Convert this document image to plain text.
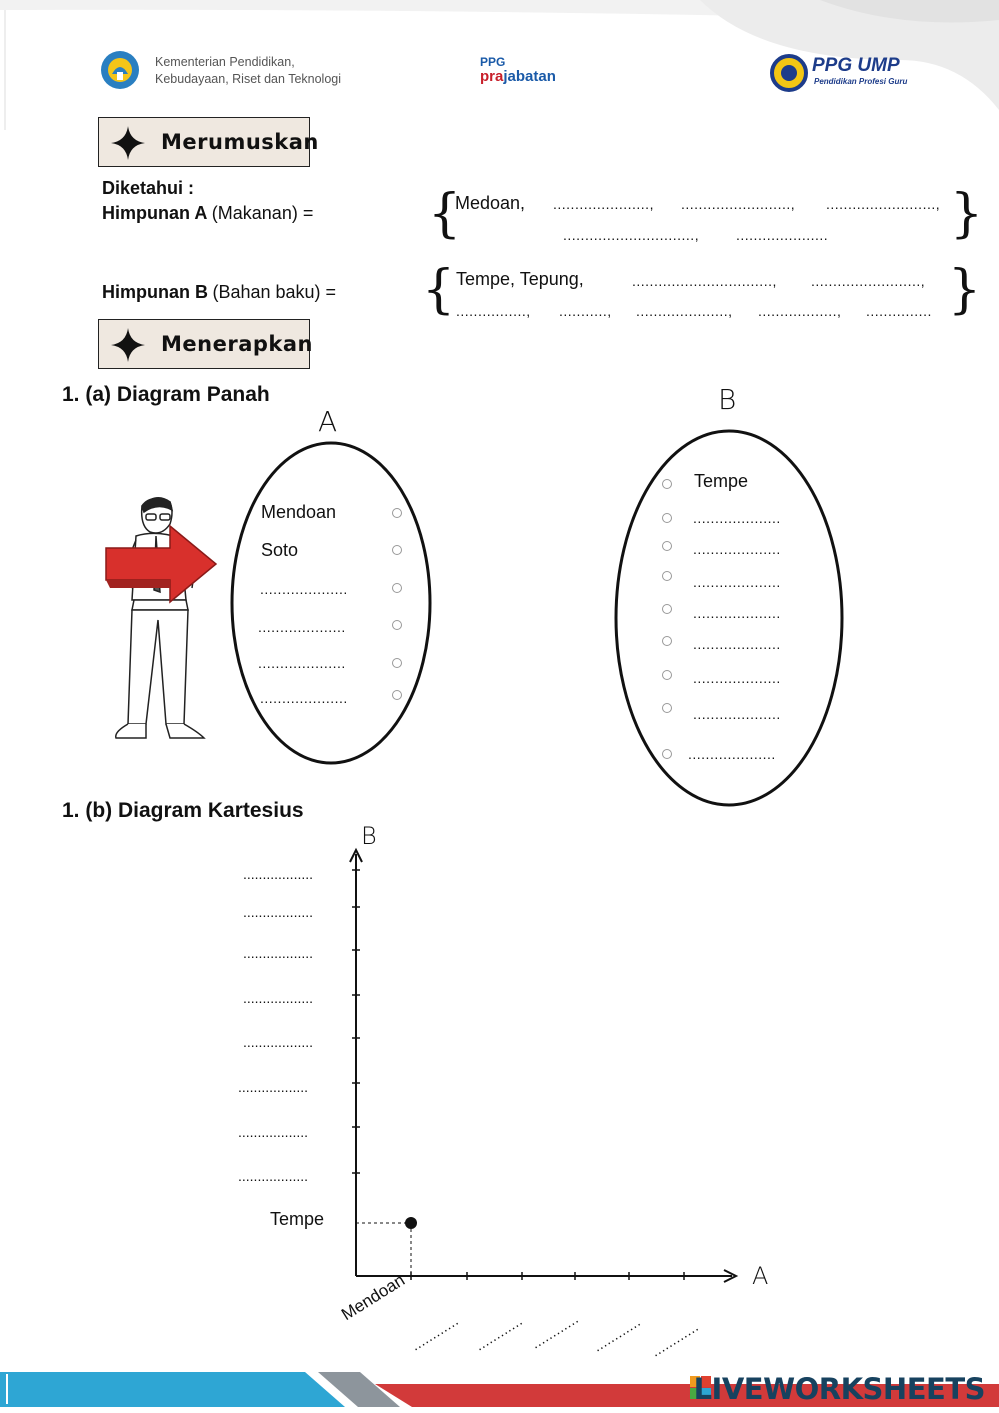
Kementerian Pendidikan,
Kebudayaan, Riset dan Teknologi
PPG
prajabatan
PPG UMP
Pendidikan Profesi Guru
Merumuskan
Diketahui :
Himpunan A (Makanan) = {
Medoan, ......................, ........................., .........................,
..............................,	..................... }
Himpunan B (Bahan baku) = { Tempe, Tepung,	................................, .........................,
................, ..........., ....................., .................., ............... }
Menerapkan
1. (a) Diagram Panah
A
B
Mendoan
Soto
....................
....................
....................
....................
Tempe
....................
....................
....................
....................
....................
....................
....................
....................
1. (b) Diagram Kartesius
B
A
..................
..................
..................
..................
..................
..................
..................
..................
Tempe
Mendoan
............ ............ ............ ............ ............
LIVEWORKSHEETS
